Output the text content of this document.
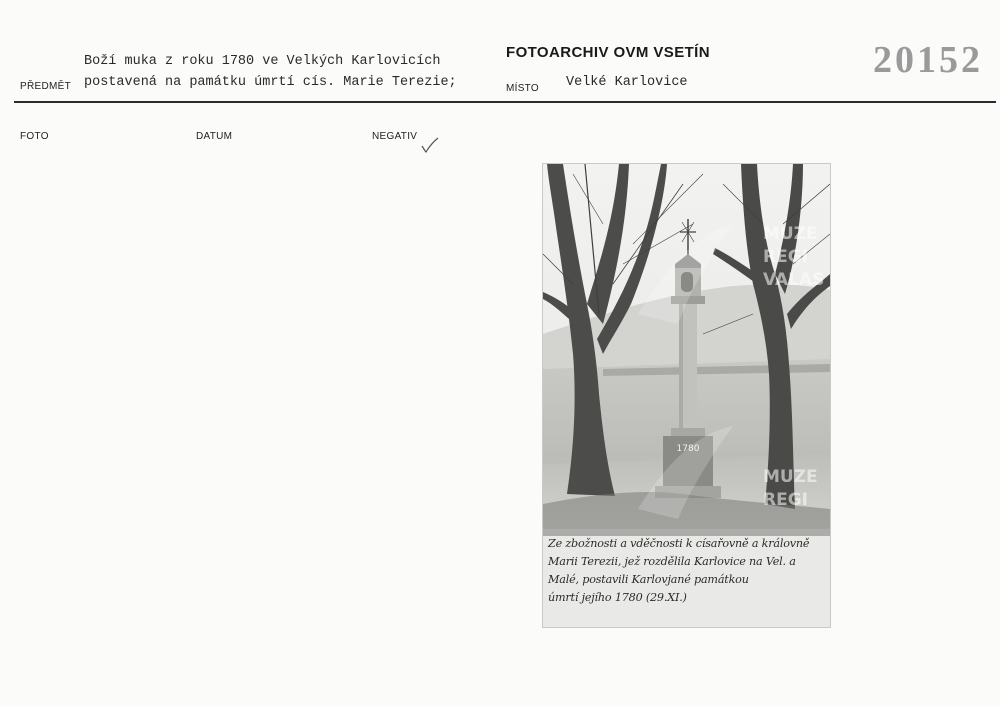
Boží muka z roku 1780 ve Velkých Karlovicích
PŘEDMĚT postavená na památku úmrtí cís. Marie Terezie;
FOTOARCHIV OVM VSETÍN
MÍSTO Velké Karlovice
20152
FOTO	DATUM	NEGATIV
1780
MUZE
REGI
VALAS
MUZE
REGI
Ze zbožnosti a vděčnosti k císařovně a královně
Marii Terezii, jež rozdělila Karlovice na Vel. a
Malé, postavili Karlovjané památkou
úmrtí jejího 1780 (29.XI.)
